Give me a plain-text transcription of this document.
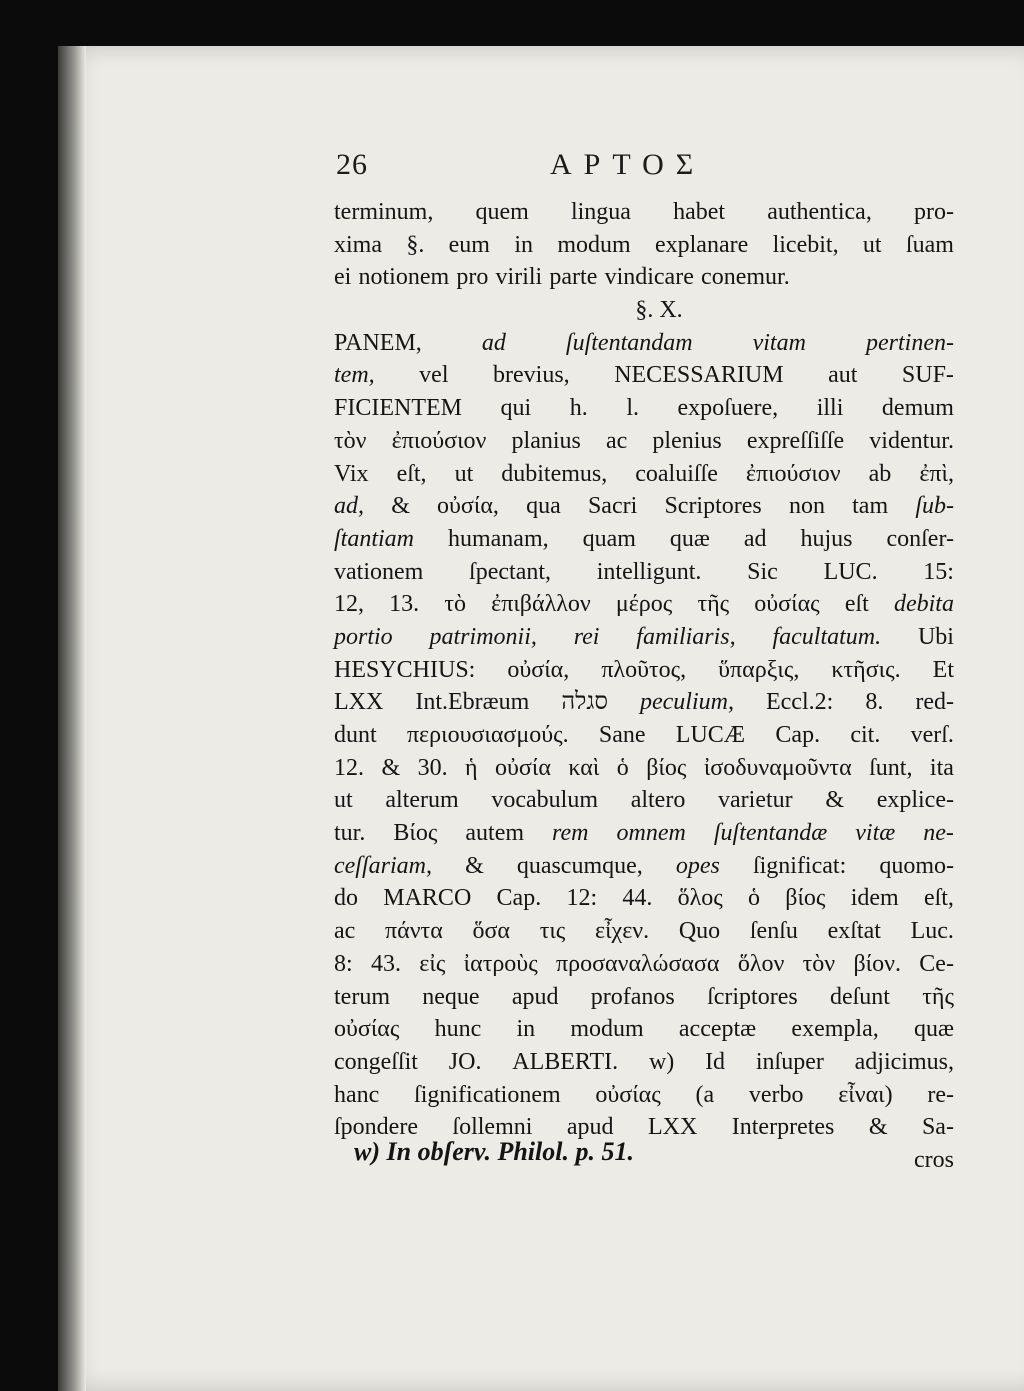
26	ΑΡΤΟΣ
terminum, quem lingua habet authentica, pro-
xima §. eum in modum explanare licebit, ut ſuam
ei notionem pro virili parte vindicare conemur.
§. X.
PANEM,	ad	ſuſtentandam	vitam	pertinen-
tem, vel brevius, NECESSARIUM aut SUF-
FICIENTEM qui h. l. expoſuere, illi demum
τὸν ἐπιούσιον planius ac plenius expreſſiſſe videntur.
Vix eſt, ut dubitemus, coaluiſſe ἐπιούσιον ab ἐπὶ,
ad, & οὐσία, qua Sacri Scriptores non tam ſub-
ſtantiam humanam, quam quæ ad hujus conſer-
vationem ſpectant, intelligunt. Sic LUC. 15:
12, 13. τὸ ἐπιβάλλον μέρος τῆς οὐσίας eſt debita
portio patrimonii, rei familiaris, facultatum. Ubi
HESYCHIUS: οὐσία, πλοῦτος, ὕπαρξις, κτῆσις. Et
LXX Int.Ebræum סגלה peculium, Eccl.2: 8. red-
dunt περιουσιασμούς. Sane LUCÆ Cap. cit. verſ.
12. & 30. ἡ οὐσία καὶ ὁ βίος ἰσοδυναμοῦντα ſunt, ita
ut alterum vocabulum altero varietur & explice-
tur. Βίος autem rem omnem ſuſtentandæ vitæ ne-
ceſſariam, & quascumque, opes ſignificat: quomo-
do MARCO Cap. 12: 44. ὅλος ὁ βίος idem eſt,
ac πάντα ὅσα τις εἶχεν. Quo ſenſu exſtat Luc.
8: 43. εἰς ἰατροὺς προσαναλώσασα ὅλον τὸν βίον. Ce-
terum neque apud profanos ſcriptores deſunt τῆς
οὐσίας hunc in modum acceptæ exempla, quæ
congeſſit JO. ALBERTI. w) Id inſuper adjicimus,
hanc ſignificationem οὐσίας (a verbo εἶναι) re-
ſpondere ſollemni apud LXX Interpretes & Sa-
cros
w) In obſerv. Philol. p. 51.
